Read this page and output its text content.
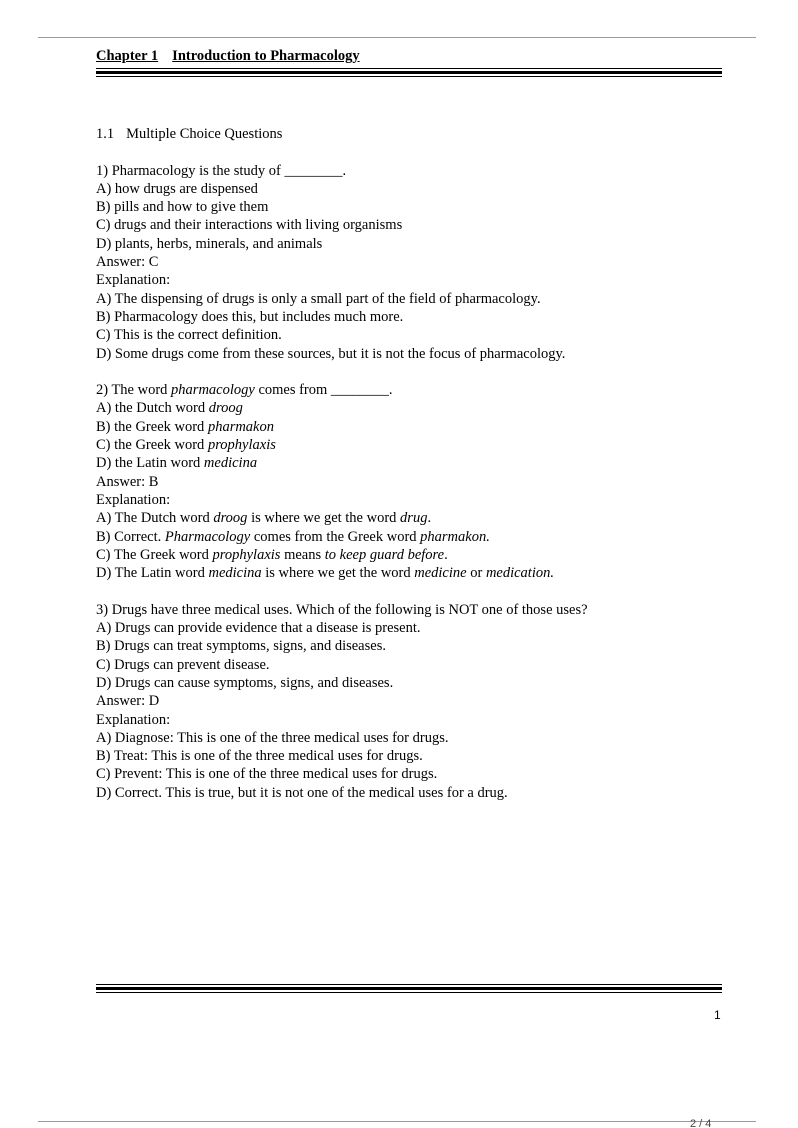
Chapter 1 Introduction to Pharmacology
1.1 Multiple Choice Questions
1) Pharmacology is the study of ________.
A) how drugs are dispensed
B) pills and how to give them
C) drugs and their interactions with living organisms
D) plants, herbs, minerals, and animals
Answer: C
Explanation:
A) The dispensing of drugs is only a small part of the field of pharmacology.
B) Pharmacology does this, but includes much more.
C) This is the correct definition.
D) Some drugs come from these sources, but it is not the focus of pharmacology.
2) The word pharmacology comes from ________.
A) the Dutch word droog
B) the Greek word pharmakon
C) the Greek word prophylaxis
D) the Latin word medicina
Answer: B
Explanation:
A) The Dutch word droog is where we get the word drug.
B) Correct. Pharmacology comes from the Greek word pharmakon.
C) The Greek word prophylaxis means to keep guard before.
D) The Latin word medicina is where we get the word medicine or medication.
3) Drugs have three medical uses. Which of the following is NOT one of those uses?
A) Drugs can provide evidence that a disease is present.
B) Drugs can treat symptoms, signs, and diseases.
C) Drugs can prevent disease.
D) Drugs can cause symptoms, signs, and diseases.
Answer: D
Explanation:
A) Diagnose: This is one of the three medical uses for drugs.
B) Treat: This is one of the three medical uses for drugs.
C) Prevent: This is one of the three medical uses for drugs.
D) Correct. This is true, but it is not one of the medical uses for a drug.
1
2 / 4
